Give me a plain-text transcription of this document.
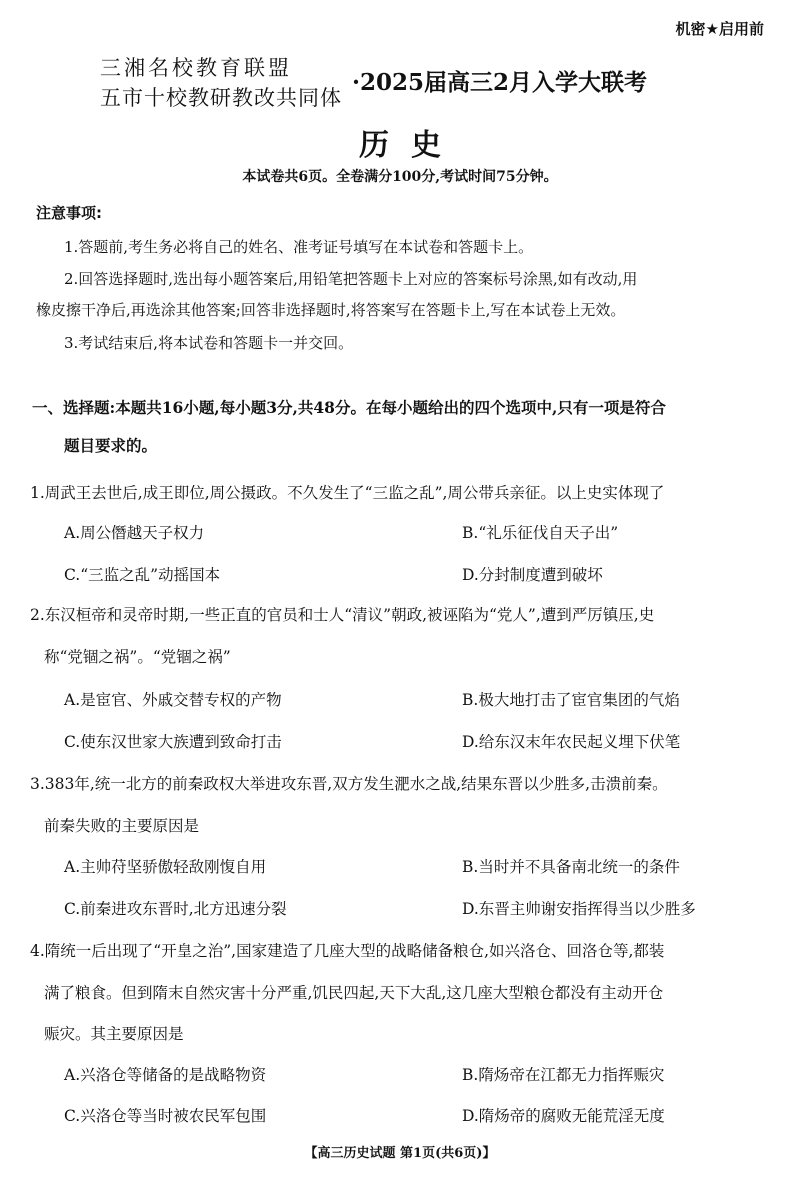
机密★启用前
三湘名校教育联盟
五市十校教研教改共同体
·2025届高三2月入学大联考
历史
本试卷共6页。全卷满分100分,考试时间75分钟。
注意事项:
1.答题前,考生务必将自己的姓名、准考证号填写在本试卷和答题卡上。
2.回答选择题时,选出每小题答案后,用铅笔把答题卡上对应的答案标号涂黑,如有改动,用
橡皮擦干净后,再选涂其他答案;回答非选择题时,将答案写在答题卡上,写在本试卷上无效。
3.考试结束后,将本试卷和答题卡一并交回。
一、选择题:本题共16小题,每小题3分,共48分。在每小题给出的四个选项中,只有一项是符合
题目要求的。
1.周武王去世后,成王即位,周公摄政。不久发生了“三监之乱”,周公带兵亲征。以上史实体现了
A.周公僭越天子权力	B.“礼乐征伐自天子出”
C.“三监之乱”动摇国本	D.分封制度遭到破坏
2.东汉桓帝和灵帝时期,一些正直的官员和士人“清议”朝政,被诬陷为“党人”,遭到严厉镇压,史
称“党锢之祸”。“党锢之祸”
A.是宦官、外戚交替专权的产物	B.极大地打击了宦官集团的气焰
C.使东汉世家大族遭到致命打击	D.给东汉末年农民起义埋下伏笔
3.383年,统一北方的前秦政权大举进攻东晋,双方发生淝水之战,结果东晋以少胜多,击溃前秦。
前秦失败的主要原因是
A.主帅苻坚骄傲轻敌刚愎自用	B.当时并不具备南北统一的条件
C.前秦进攻东晋时,北方迅速分裂	D.东晋主帅谢安指挥得当以少胜多
4.隋统一后出现了“开皇之治”,国家建造了几座大型的战略储备粮仓,如兴洛仓、回洛仓等,都装
满了粮食。但到隋末自然灾害十分严重,饥民四起,天下大乱,这几座大型粮仓都没有主动开仓
赈灾。其主要原因是
A.兴洛仓等储备的是战略物资	B.隋炀帝在江都无力指挥赈灾
C.兴洛仓等当时被农民军包围	D.隋炀帝的腐败无能荒淫无度
【高三历史试题 第1页(共6页)】
